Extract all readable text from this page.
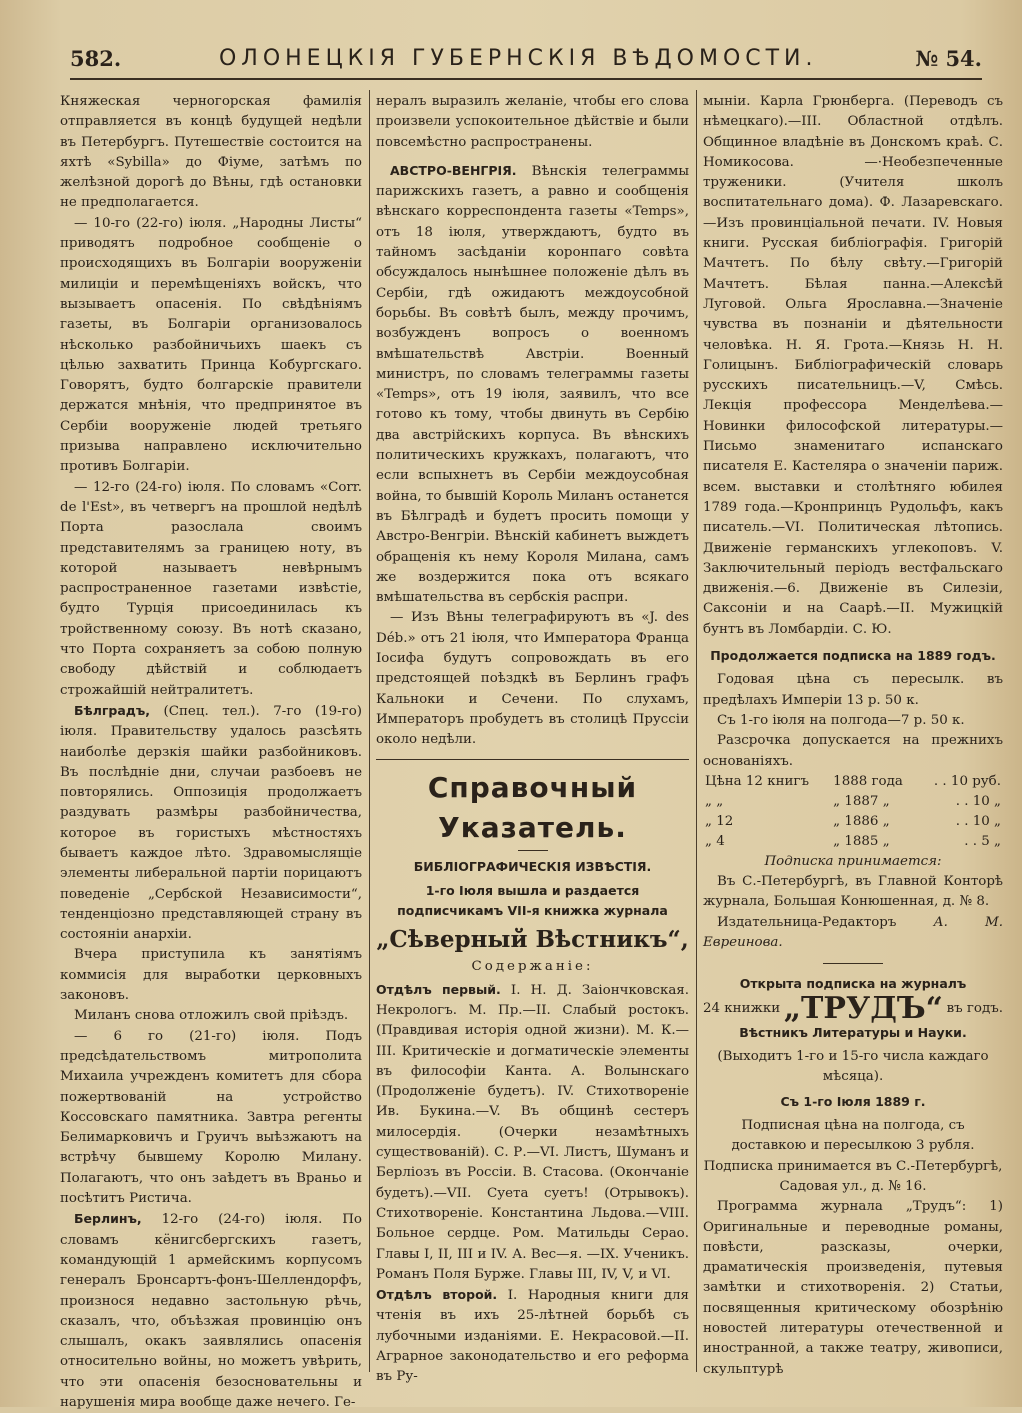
582.	ОЛОНЕЦКІЯ ГУБЕРНСКІЯ ВѢДОМОСТИ.	№ 54.

Княжеская черногорская фамилія отправляется въ концѣ будущей недѣли въ Петербургъ. Путешествіе состоится на яхтѣ «Sybilla» до Фіуме, затѣмъ по желѣзной дорогѣ до Вѣны, гдѣ остановки не предполагается.

— 10-го (22-го) іюля. „Народны Листы“ приводятъ подробное сообщеніе о происходящихъ въ Болгаріи вооруженіи милиціи и перемѣщеніяхъ войскъ, что вызываетъ опасенія. По свѣдѣніямъ газеты, въ Болгаріи организовалось нѣсколько разбойничьихъ шаекъ съ цѣлью захватить Принца Кобургскаго. Говорятъ, будто болгарскіе правители держатся мнѣнія, что предпринятое въ Сербіи вооруженіе людей третьяго призыва направлено исключительно противъ Болгаріи.

— 12-го (24-го) іюля. По словамъ «Corr. de l'Est», въ четвергъ на прошлой недѣлѣ Порта разослала своимъ представителямъ за границею ноту, въ которой называетъ невѣрнымъ распространенное газетами извѣстіе, будто Турція присоединилась къ тройственному союзу. Въ нотѣ сказано, что Порта сохраняетъ за собою полную свободу дѣйствій и соблюдаетъ строжайшій нейтралитетъ.

Бѣлградъ, (Спец. тел.). 7-го (19-го) іюля. Правительству удалось разсѣять наиболѣе дерзкія шайки разбойниковъ. Въ послѣдніе дни, случаи разбоевъ не повторялись. Оппозиція продолжаетъ раздувать размѣры разбойничества, которое въ гористыхъ мѣстностяхъ бываетъ каждое лѣто. Здравомыслящіе элементы либеральной партіи порицаютъ поведеніе „Сербской Независимости“, тенденціозно представляющей страну въ состояніи анархіи.

Вчера приступила къ занятіямъ коммисія для выработки церковныхъ законовъ.

Миланъ снова отложилъ свой пріѣздъ.

— 6 го (21-го) іюля. Подъ предсѣдательствомъ митрополита Михаила учрежденъ комитетъ для сбора пожертвованій на устройство Коссовскаго памятника. Завтра регенты Белимарковичъ и Груичъ выѣзжаютъ на встрѣчу бывшему Королю Милану. Полагаютъ, что онъ заѣдетъ въ Враньо и посѣтитъ Ристича.

Берлинъ, 12-го (24-го) іюля. По словамъ кёнигсбергскихъ газетъ, командующій 1 армейскимъ корпусомъ генералъ Бронсартъ-фонъ-Шеллендорфъ, произнося недавно застольную рѣчь, сказалъ, что, объѣзжая провинцію онъ слышалъ, окакъ заявлялись опасенія относительно войны, но можетъ увѣрить, что эти опасенія безосновательны и нарушенія мира вообще даже нечего. Ге-

нералъ выразилъ желаніе, чтобы его слова произвели успокоительное дѣйствіе и были повсемѣстно распространены.

АВСТРО-ВЕНГРІЯ. Вѣнскія телеграммы парижскихъ газетъ, а равно и сообщенія вѣнскаго корреспондента газеты «Temps», отъ 18 іюля, утверждаютъ, будто въ тайномъ засѣданіи коронпаго совѣта обсуждалось нынѣшнее положеніе дѣлъ въ Сербіи, гдѣ ожидаютъ междоусобной борьбы. Въ совѣтѣ былъ, между прочимъ, возбужденъ вопросъ о военномъ вмѣшательствѣ Австріи. Военный министръ, по словамъ телеграммы газеты «Temps», отъ 19 іюля, заявилъ, что все готово къ тому, чтобы двинуть въ Сербію два австрійскихъ корпуса. Въ вѣнскихъ политическихъ кружкахъ, полагаютъ, что если вспыхнетъ въ Сербіи междоусобная война, то бывшій Король Миланъ останется въ Бѣлградѣ и будетъ просить помощи у Австро-Венгріи. Вѣнскій кабинетъ выждетъ обращенія къ нему Короля Милана, самъ же воздержится пока отъ всякаго вмѣшательства въ сербскія распри.

— Изъ Вѣны телеграфируютъ въ «J. des Déb.» отъ 21 іюля, что Императора Франца Іосифа будутъ сопровождать въ его предстоящей поѣздкѣ въ Берлинъ графъ Кальноки и Сечени. По слухамъ, Императоръ пробудетъ въ столицѣ Пруссіи около недѣли.

Справочный Указатель.
БИБЛІОГРАФИЧЕСКІЯ ИЗВѢСТІЯ.

1-го Іюля вышла и раздается подписчикамъ VII-я книжка журнала

„Сѣверный Вѣстникъ“,
Содержаніе:

Отдѣлъ первый. I. Н. Д. Заіончковская. Некрологъ. М. Пр.—II. Слабый ростокъ. (Правдивая исторія одной жизни). М. К.—III. Критическіе и догматическіе элементы въ философіи Канта. А. Волынскаго (Продолженіе будетъ). IV. Стихотвореніе Ив. Букина.—V. Въ общинѣ сестеръ милосердія. (Очерки незамѣтныхъ существованій). С. Р.—VI. Листъ, Шуманъ и Берліозъ въ Россіи. В. Стасова. (Окончаніе будетъ).—VII. Суета суетъ! (Отрывокъ). Стихотвореніе. Константина Льдова.—VIII. Больное сердце. Ром. Матильды Серао. Главы I, II, III и IV. А. Вес—я. —IX. Ученикъ. Романъ Поля Бурже. Главы III, IV, V, и VI.

Отдѣлъ второй. I. Народныя книги для чтенія въ ихъ 25-лѣтней борьбѣ съ лубочными изданіями. Е. Некрасовой.—II. Аграрное законодательство и его реформа въ Ру-

мыніи. Карла Грюнберга. (Переводъ съ нѣмецкаго).—III. Областной отдѣлъ. Общинное владѣніе въ Донскомъ краѣ. С. Номикосова. —·Необезпеченные труженики. (Учителя школъ воспитательнаго дома). Ф. Лазаревскаго.—Изъ провинціальной печати. IV. Новыя книги. Русская библіографія. Григорій Мачтетъ. По бѣлу свѣту.—Григорій Мачтетъ. Бѣлая панна.—Алексѣй Луговой. Ольга Ярославна.—Значеніе чувства въ познаніи и дѣятельности человѣка. Н. Я. Грота.—Князь Н. Н. Голицынъ. Библіографическій словарь русскихъ писательницъ.—V, Смѣсь. Лекція профессора Менделѣева.—Новинки философской литературы.—Письмо знаменитаго испанскаго писателя Е. Кастеляра о значеніи париж. всем. выставки и столѣтняго юбилея 1789 года.—Кронпринцъ Рудольфъ, какъ писатель.—VI. Политическая лѣтопись. Движеніе германскихъ углекоповъ. V. Заключительный періодъ вестфальскаго движенія.—6. Движеніе въ Силезіи, Саксоніи и на Саарѣ.—II. Мужицкій бунтъ въ Ломбардіи. С. Ю.

Продолжается подписка на 1889 годъ.

Годовая цѣна съ пересылк. въ предѣлахъ Имперіи 13 р. 50 к.

Съ 1-го іюля на полгода—7 р. 50 к.

Разсрочка допускается на прежнихъ основаніяхъ.

Цѣна 12 книгъ	1888 года	. . 10 руб.
„ „	„ 1887 „	. . 10 „
„ 12	„ 1886 „	. . 10 „
„ 4	„ 1885 „	. . 5 „
Подписка принимается:

Въ С.-Петербургѣ, въ Главной Конторѣ журнала, Большая Конюшенная, д. № 8.

Издательница-Редакторъ	А. М. Евреинова.

Открыта подписка на журналъ
24 книжки „ТРУДЪ“ въ годъ.
Вѣстникъ Литературы и Науки.

(Выходитъ 1-го и 15-го числа каждаго мѣсяца).

Съ 1-го Іюля 1889 г.

Подписная цѣна на полгода, съ доставкою и пересылкою 3 рубля.

Подписка принимается въ С.-Петербургѣ, Садовая ул., д. № 16.

Программа журнала „Трудъ“: 1) Оригинальные и переводные романы, повѣсти, разсказы, очерки, драматическія произведенія, путевыя замѣтки и стихотворенія. 2) Статьи, посвященныя критическому обозрѣнію новостей литературы отечественной и иностранной, а также театру, живописи, скульптурѣ
